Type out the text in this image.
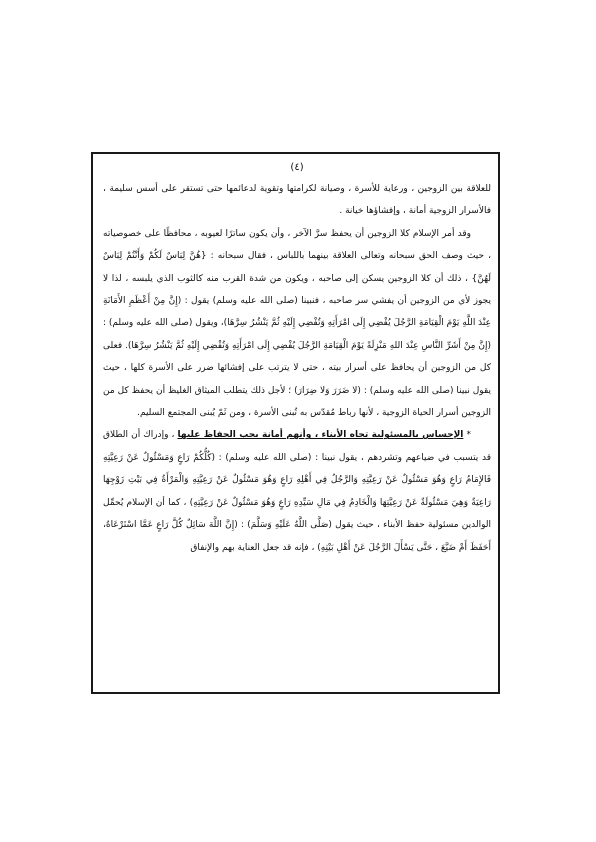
(٤)

للعلاقة بين الزوجين ، ورعاية للأسرة ، وصيانة لكرامتها وتقوية لدعائمها حتى تستقر على أسس سليمة ، فالأسرار الزوجية أمانة ، وإفشاؤها خيانة .

وقد أمر الإسلام كلا الزوجين أن يحفظ سرَّ الآخر ، وأن يكون ساترًا لعيوبه ، محافظًا على خصوصياته ، حيث وصف الحق سبحانه وتعالى العلاقة بينهما باللباس ، فقال سبحانه : {هُنَّ لِبَاسٌ لَكُمْ وَأَنْتُمْ لِبَاسٌ لَهُنَّ} ، ذلك أن كلا الزوجين يسكن إلى صاحبه ، ويكون من شدة القرب منه كالثوب الذي يلبسه ، لذا لا يجوز لأي من الزوجين أن يفشي سر صاحبه ، فنبينا (صلى الله عليه وسلم) يقول : (إِنَّ مِنْ أَعْظَمِ الأَمَانَةِ عِنْدَ اللَّهِ يَوْمَ الْقِيَامَةِ الرَّجُلَ يُفْضِي إِلَى امْرَأَتِهِ وَتُفْضِي إِلَيْهِ ثُمَّ يَنْشُرُ سِرَّهَا)، ويقول (صلى الله عليه وسلم) : (إِنَّ مِنْ أَشَرِّ النَّاسِ عِنْدَ اللهِ مَنْزِلَةً يَوْمَ الْقِيَامَةِ الرَّجُلَ يُفْضِي إِلَى امْرَأَتِهِ وَتُفْضِي إِلَيْهِ ثُمَّ يَنْشُرُ سِرَّهَا). فعلى كل من الزوجين أن يحافظ على أسرار بيته ، حتى لا يترتب على إفشائها ضرر على الأسرة كلها ، حيث يقول نبينا (صلى الله عليه وسلم) : (لا ضَرَرَ وَلا ضِرَارَ) ؛ لأجل ذلك يتطلب الميثاق الغليظ أن يحفظ كل من الزوجين أسرار الحياة الزوجية ، لأنها رباط مُقدّس به تُبنى الأسرة ، ومن ثَمّ يُبنى المجتمع السليم.

* الإحساس بالمسئولية تجاه الأبناء ، وأنهم أمانة يجب الحفاظ عليها ، وإدراك أن الطلاق قد يتسبب في ضياعهم وتشردهم ، يقول نبينا : (صلى الله عليه وسلم) : (كُلُّكُمْ رَاعٍ وَمَسْئُولٌ عَنْ رَعِيَّتِهِ فَالإِمَامُ رَاعٍ وَهُوَ مَسْئُولٌ عَنْ رَعِيَّتِهِ وَالرَّجُلُ فِي أَهْلِهِ رَاعٍ وَهُوَ مَسْئُولٌ عَنْ رَعِيَّتِهِ وَالْمَرْأَةُ فِي بَيْتِ زَوْجِهَا رَاعِيَةٌ وَهِيَ مَسْئُولَةٌ عَنْ رَعِيَّتِهَا وَالْخَادِمُ فِي مَالِ سَيِّدِهِ رَاعٍ وَهُوَ مَسْئُولٌ عَنْ رَعِيَّتِهِ) ، كما أن الإسلام يُحمِّل الوالدين مسئولية حفظ الأبناء ، حيث يقول (صَلَّى اللَّهُ عَلَيْهِ وَسَلَّمَ) : (إِنَّ اللَّهَ سَائِلٌ كُلَّ رَاعٍ عَمَّا اسْتَرْعَاهُ، أَحَفَظَ أَمْ ضَيَّعَ ، حَتَّى يَسْأَلَ الرَّجُلَ عَنْ أَهْلِ بَيْتِهِ) ، فإنه قد جعل العناية بهم والإنفاق
